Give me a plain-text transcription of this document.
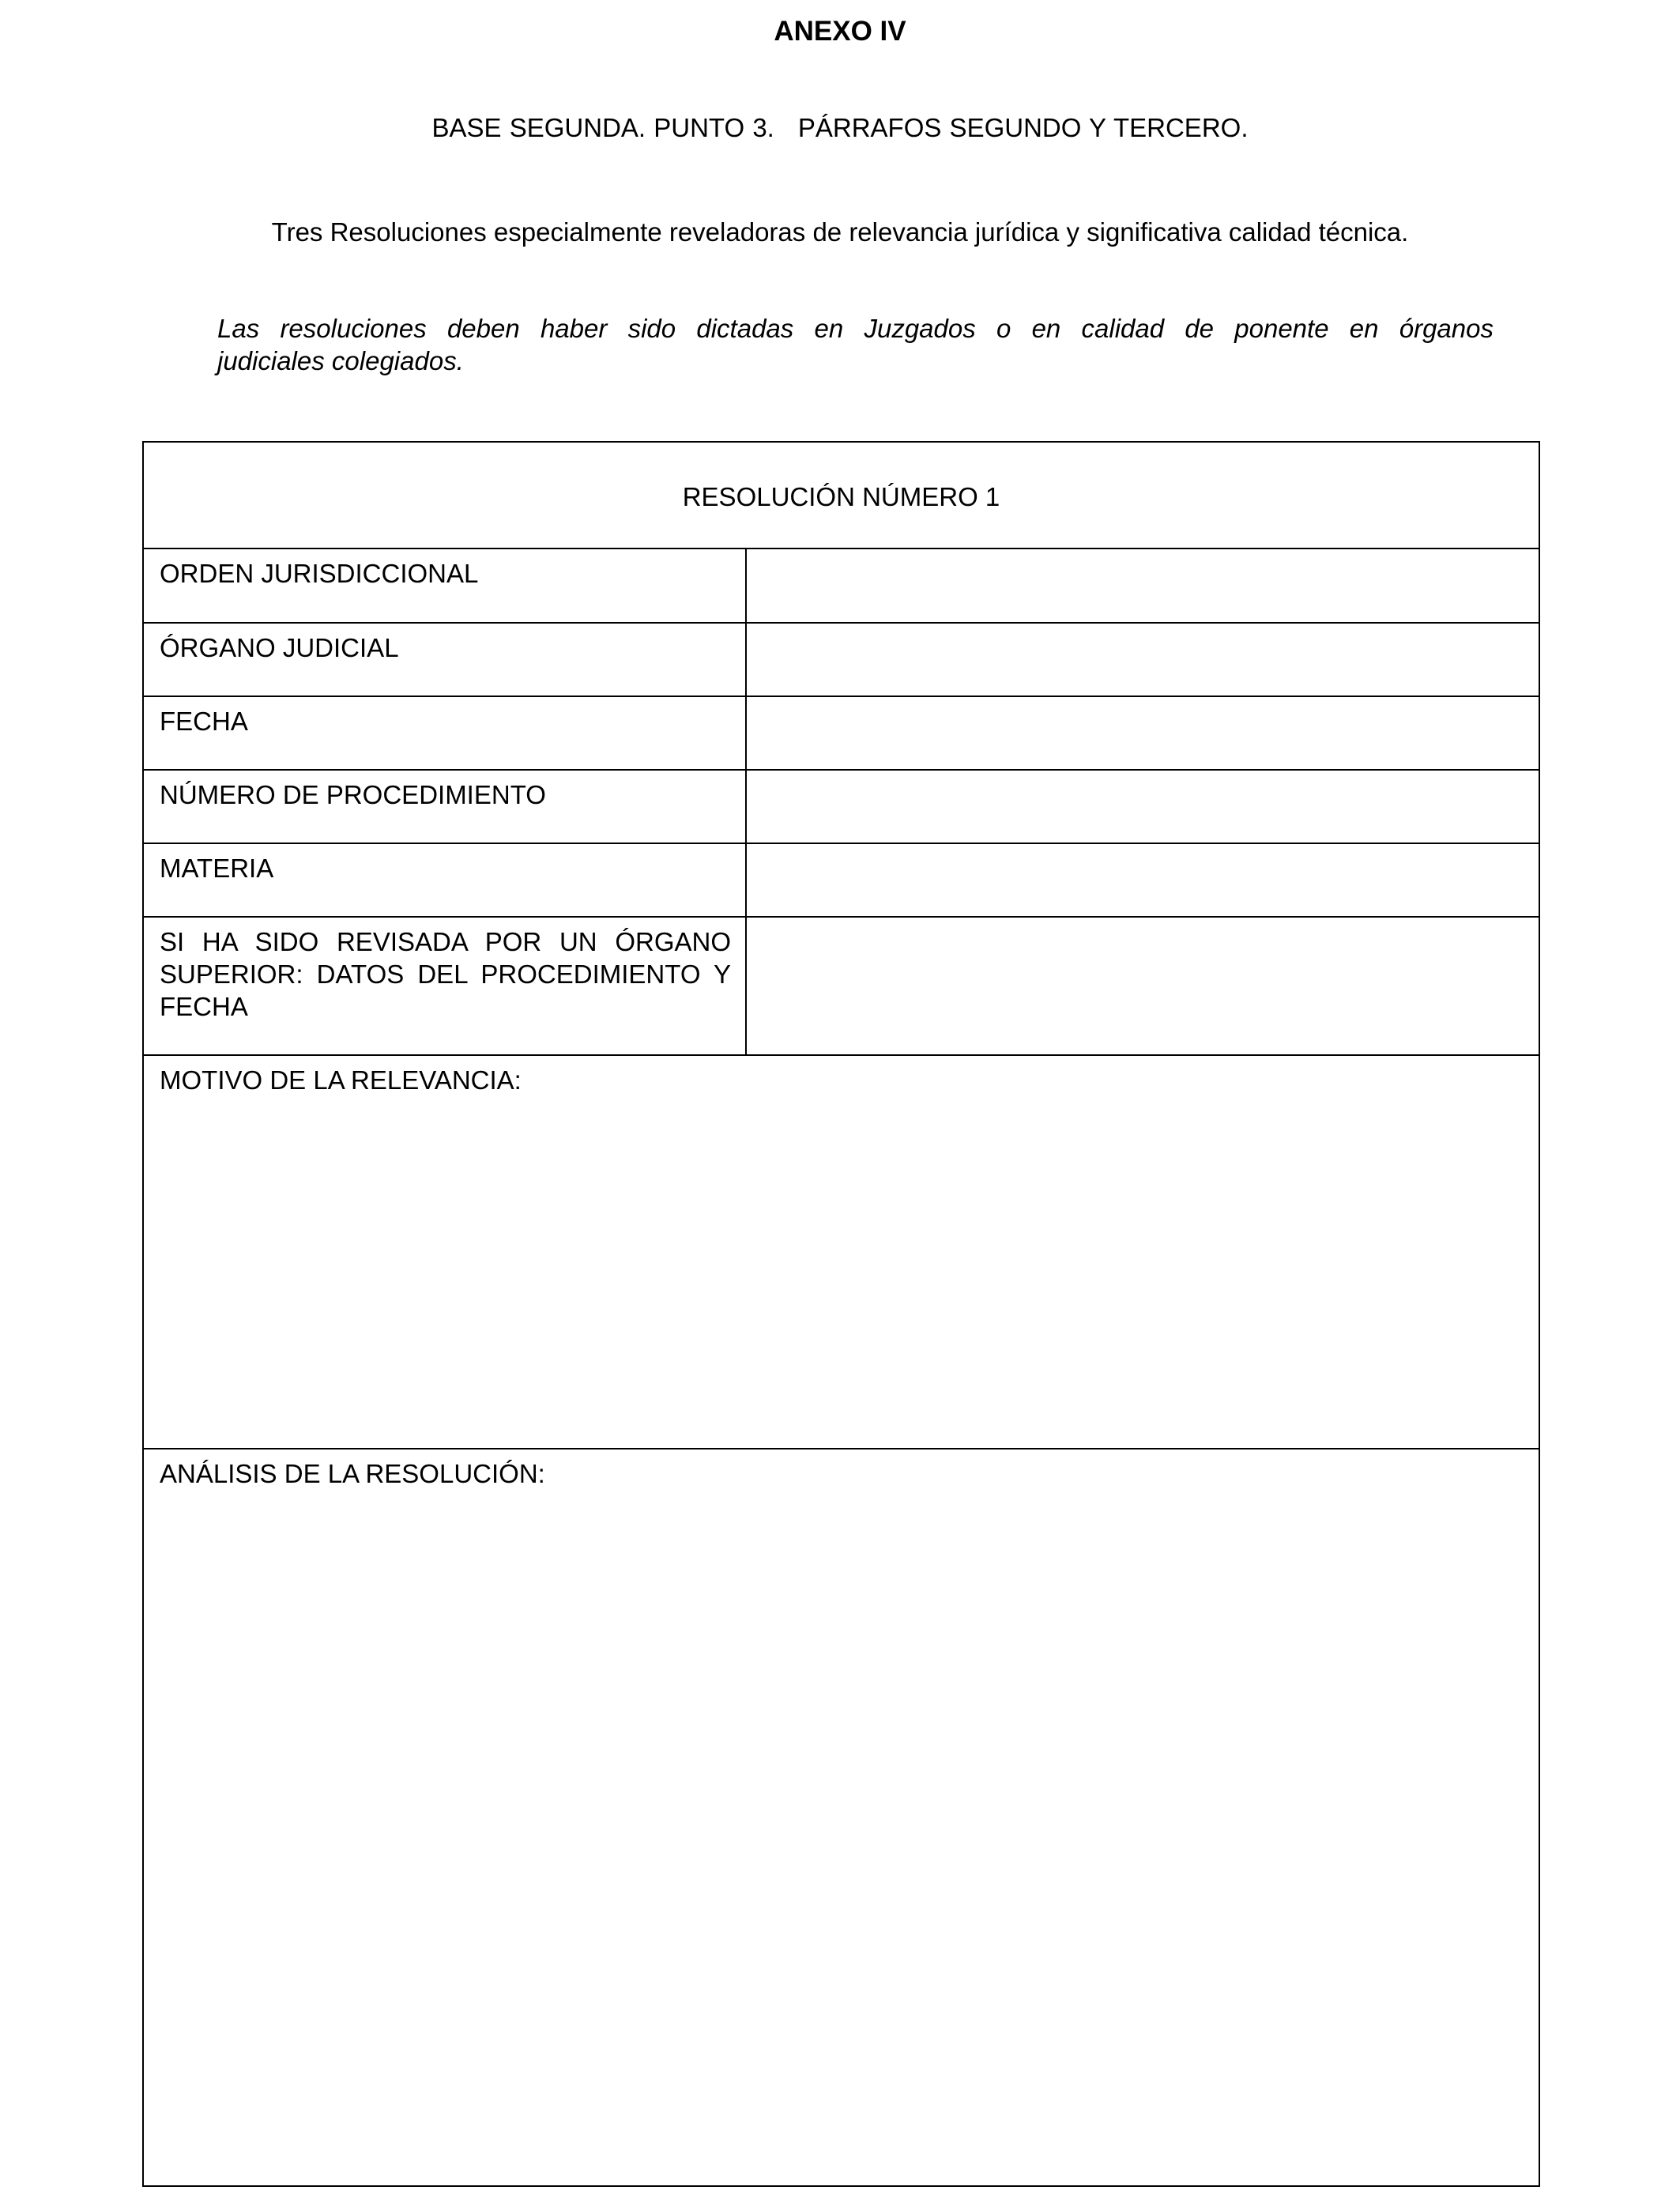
ANEXO IV

BASE SEGUNDA. PUNTO 3. PÁRRAFOS SEGUNDO Y TERCERO.

Tres Resoluciones especialmente reveladoras de relevancia jurídica y significativa calidad técnica.

Las resoluciones deben haber sido dictadas en Juzgados o en calidad de ponente en órganos
judiciales colegiados.

RESOLUCIÓN NÚMERO 1
ORDEN JURISDICCIONAL
ÓRGANO JUDICIAL
FECHA
NÚMERO DE PROCEDIMIENTO
MATERIA
SI HA SIDO REVISADA POR UN ÓRGANO SUPERIOR: DATOS DEL PROCEDIMIENTO Y FECHA
MOTIVO DE LA RELEVANCIA:
ANÁLISIS DE LA RESOLUCIÓN:
